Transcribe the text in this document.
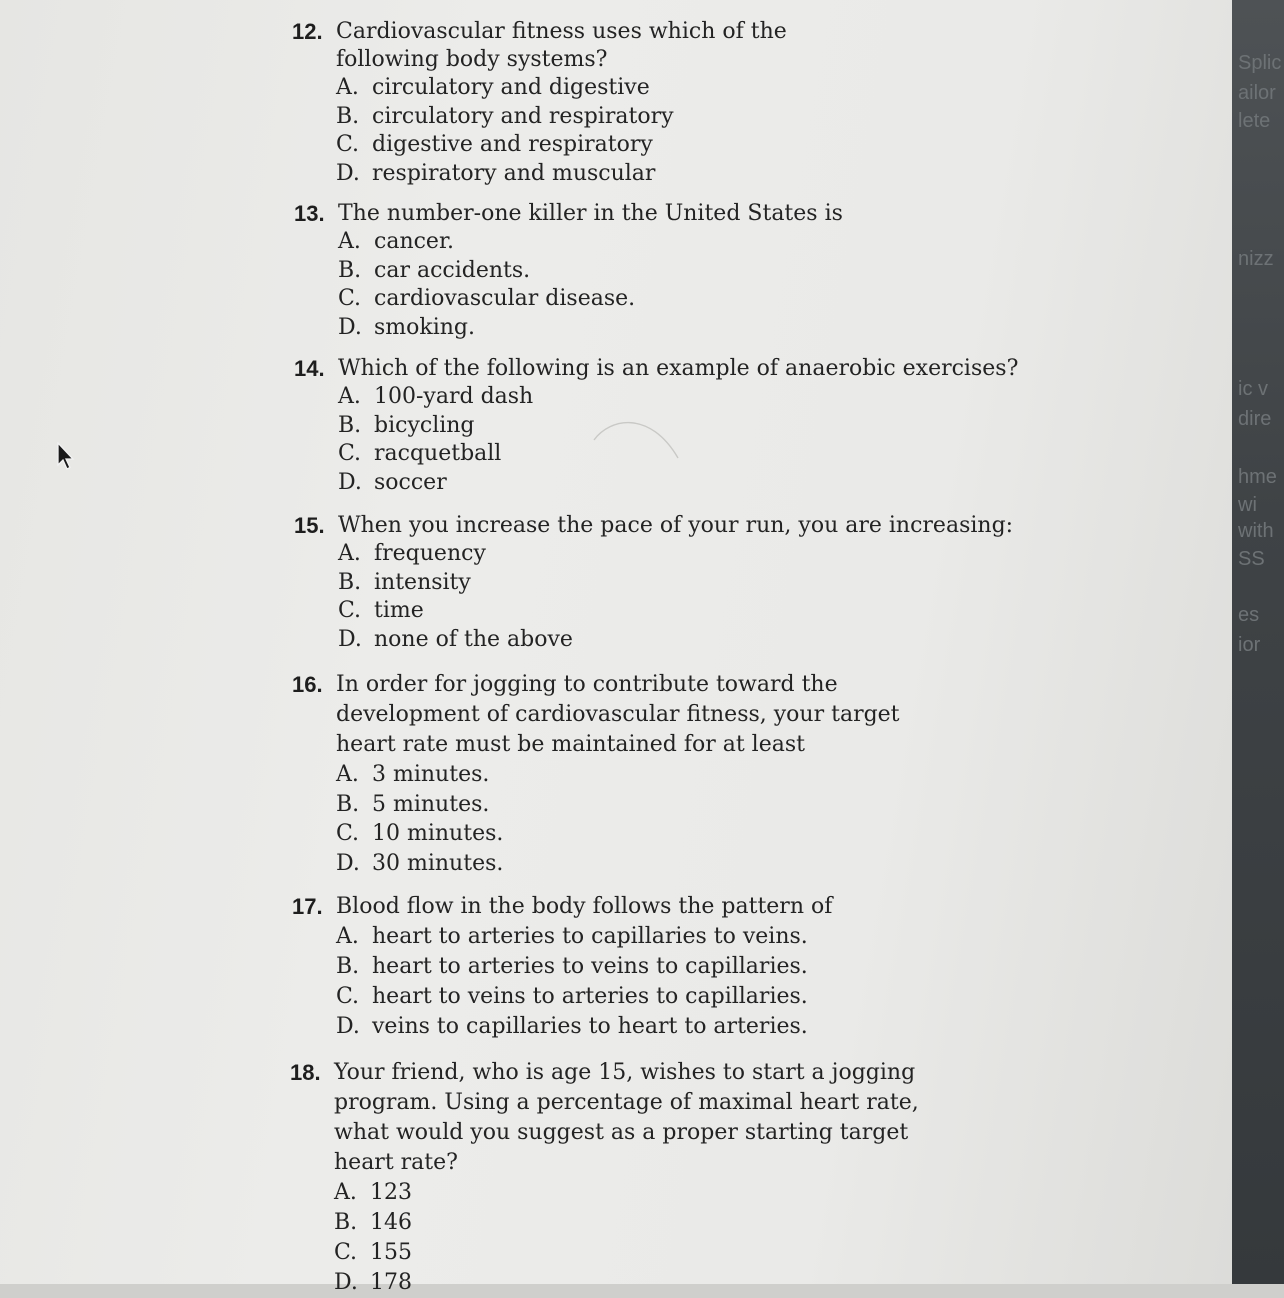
Splic
ailor
lete
nizz
ic v
dire
hme
wi
with
SS
es
ior
12. Cardiovascular fitness uses which of the following body systems?
A. circulatory and digestive
B. circulatory and respiratory
C. digestive and respiratory
D. respiratory and muscular
13. The number-one killer in the United States is
A. cancer.
B. car accidents.
C. cardiovascular disease.
D. smoking.
14. Which of the following is an example of anaerobic exercises?
A. 100-yard dash
B. bicycling
C. racquetball
D. soccer
15. When you increase the pace of your run, you are increasing:
A. frequency
B. intensity
C. time
D. none of the above
16. In order for jogging to contribute toward the development of cardiovascular fitness, your target heart rate must be maintained for at least
A. 3 minutes.
B. 5 minutes.
C. 10 minutes.
D. 30 minutes.
17. Blood flow in the body follows the pattern of
A. heart to arteries to capillaries to veins.
B. heart to arteries to veins to capillaries.
C. heart to veins to arteries to capillaries.
D. veins to capillaries to heart to arteries.
18. Your friend, who is age 15, wishes to start a jogging program. Using a percentage of maximal heart rate, what would you suggest as a proper starting target heart rate?
A. 123
B. 146
C. 155
D. 178
